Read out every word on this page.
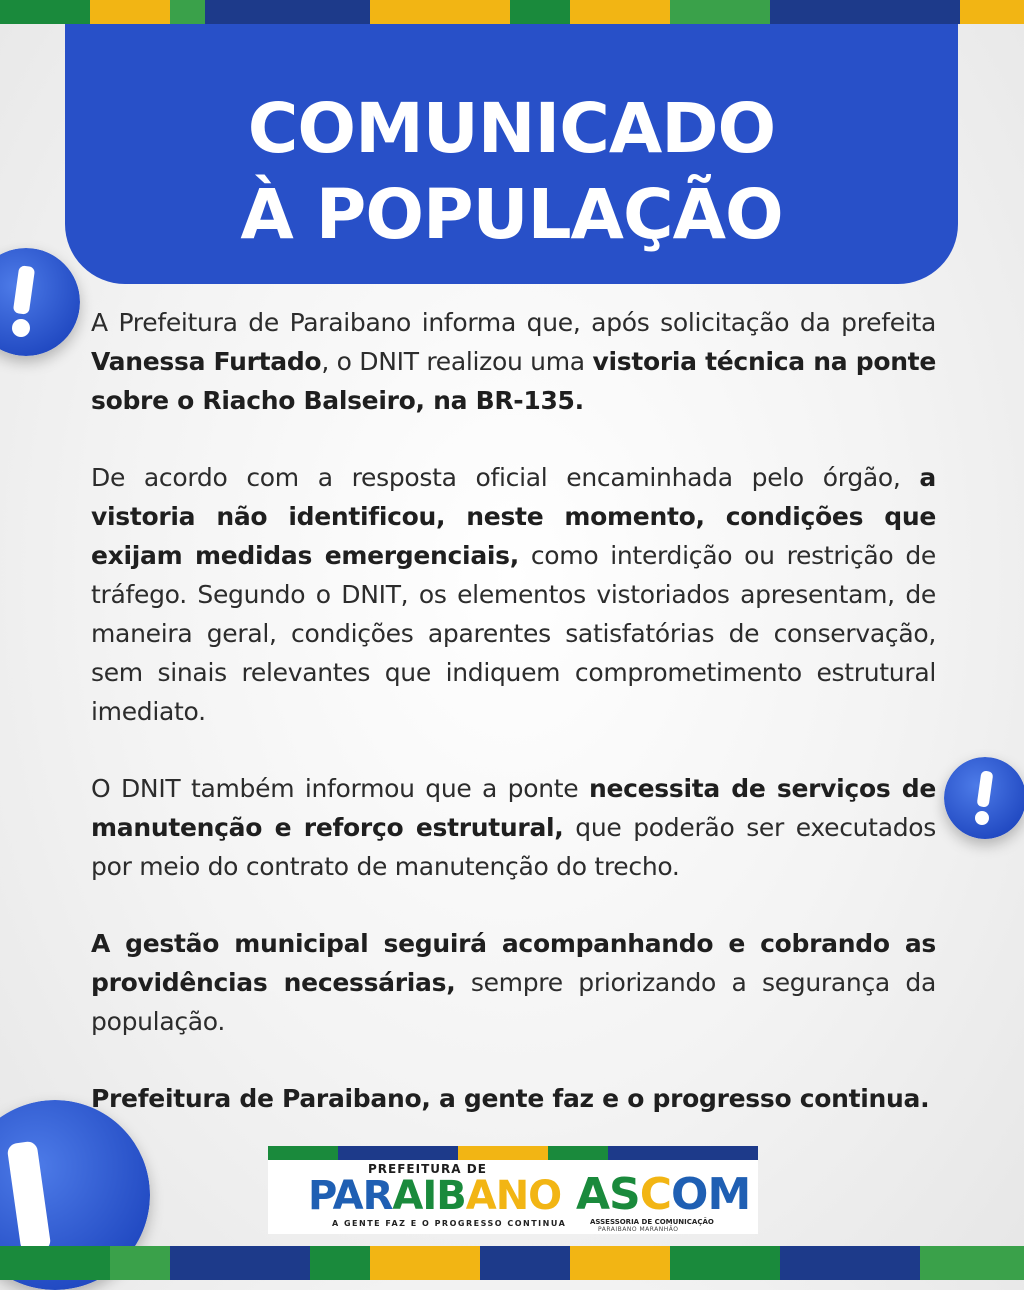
COMUNICADO
À POPULAÇÃO

A Prefeitura de Paraibano informa que, após solicitação da prefeita Vanessa Furtado, o DNIT realizou uma vistoria técnica na ponte sobre o Riacho Balseiro, na BR-135.

De acordo com a resposta oficial encaminhada pelo órgão, a vistoria não identificou, neste momento, condições que exijam medidas emergenciais, como interdição ou restrição de tráfego. Segundo o DNIT, os elementos vistoriados apresentam, de maneira geral, condições aparentes satisfatórias de conservação, sem sinais relevantes que indiquem comprometimento estrutural imediato.

O DNIT também informou que a ponte necessita de serviços de manutenção e reforço estrutural, que poderão ser executados por meio do contrato de manutenção do trecho.

A gestão municipal seguirá acompanhando e cobrando as providências necessárias, sempre priorizando a segurança da população.

Prefeitura de Paraibano, a gente faz e o progresso continua.

PREFEITURA DE
PARAIBANO
A GENTE FAZ E O PROGRESSO CONTINUA
ASCOM
ASSESSORIA DE COMUNICAÇÃO
PARAIBANO MARANHÃO
